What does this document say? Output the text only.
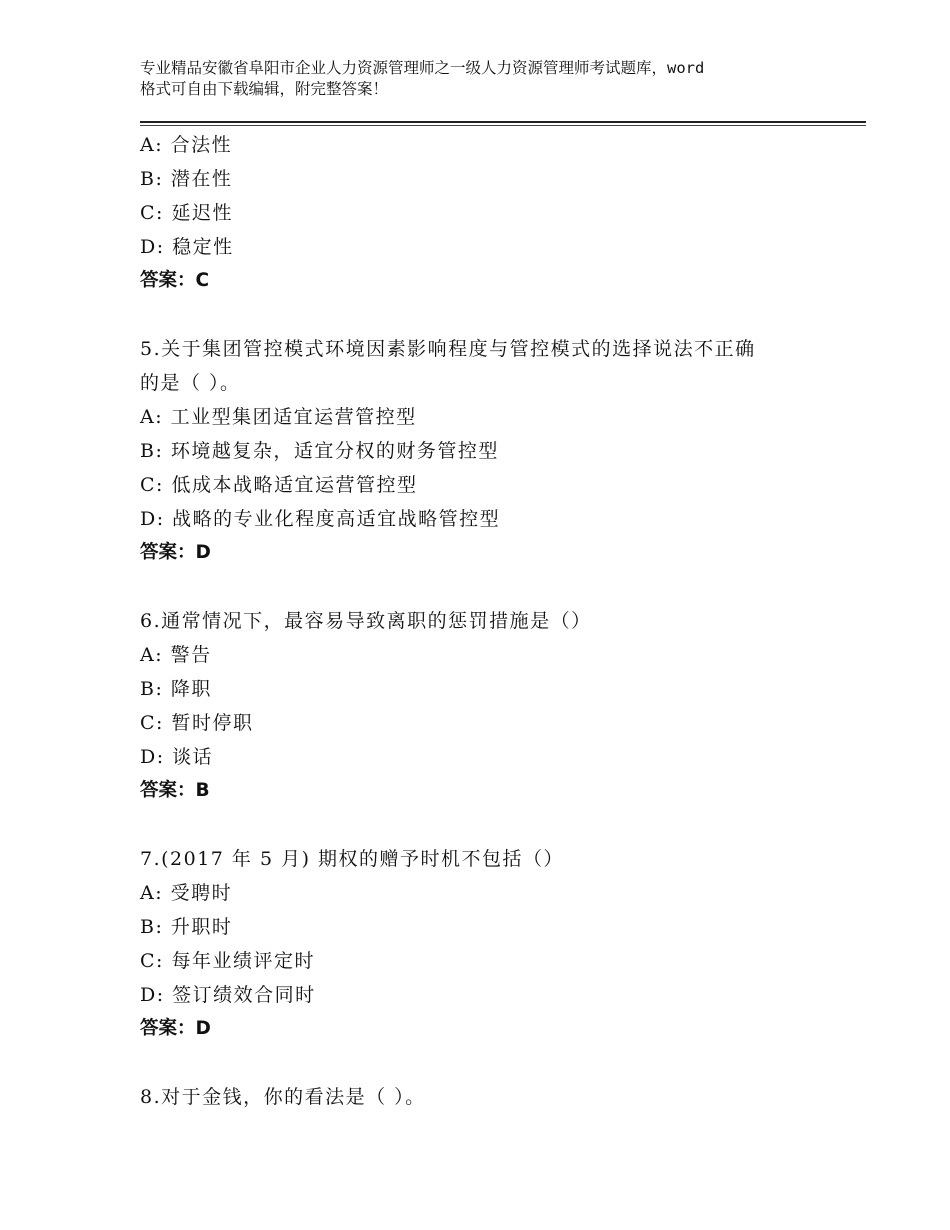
专业精品安徽省阜阳市企业人力资源管理师之一级人力资源管理师考试题库，word
格式可自由下载编辑，附完整答案！
A: 合法性
B: 潜在性
C: 延迟性
D: 稳定性
答案：C
5.关于集团管控模式环境因素影响程度与管控模式的选择说法不正确
的是（ ）。
A: 工业型集团适宜运营管控型
B: 环境越复杂，适宜分权的财务管控型
C: 低成本战略适宜运营管控型
D: 战略的专业化程度高适宜战略管控型
答案：D
6.通常情况下，最容易导致离职的惩罚措施是（）
A: 警告
B: 降职
C: 暂时停职
D: 谈话
答案：B
7.(2017 年 5 月) 期权的赠予时机不包括（）
A: 受聘时
B: 升职时
C: 每年业绩评定时
D: 签订绩效合同时
答案：D
8.对于金钱，你的看法是（ ）。
